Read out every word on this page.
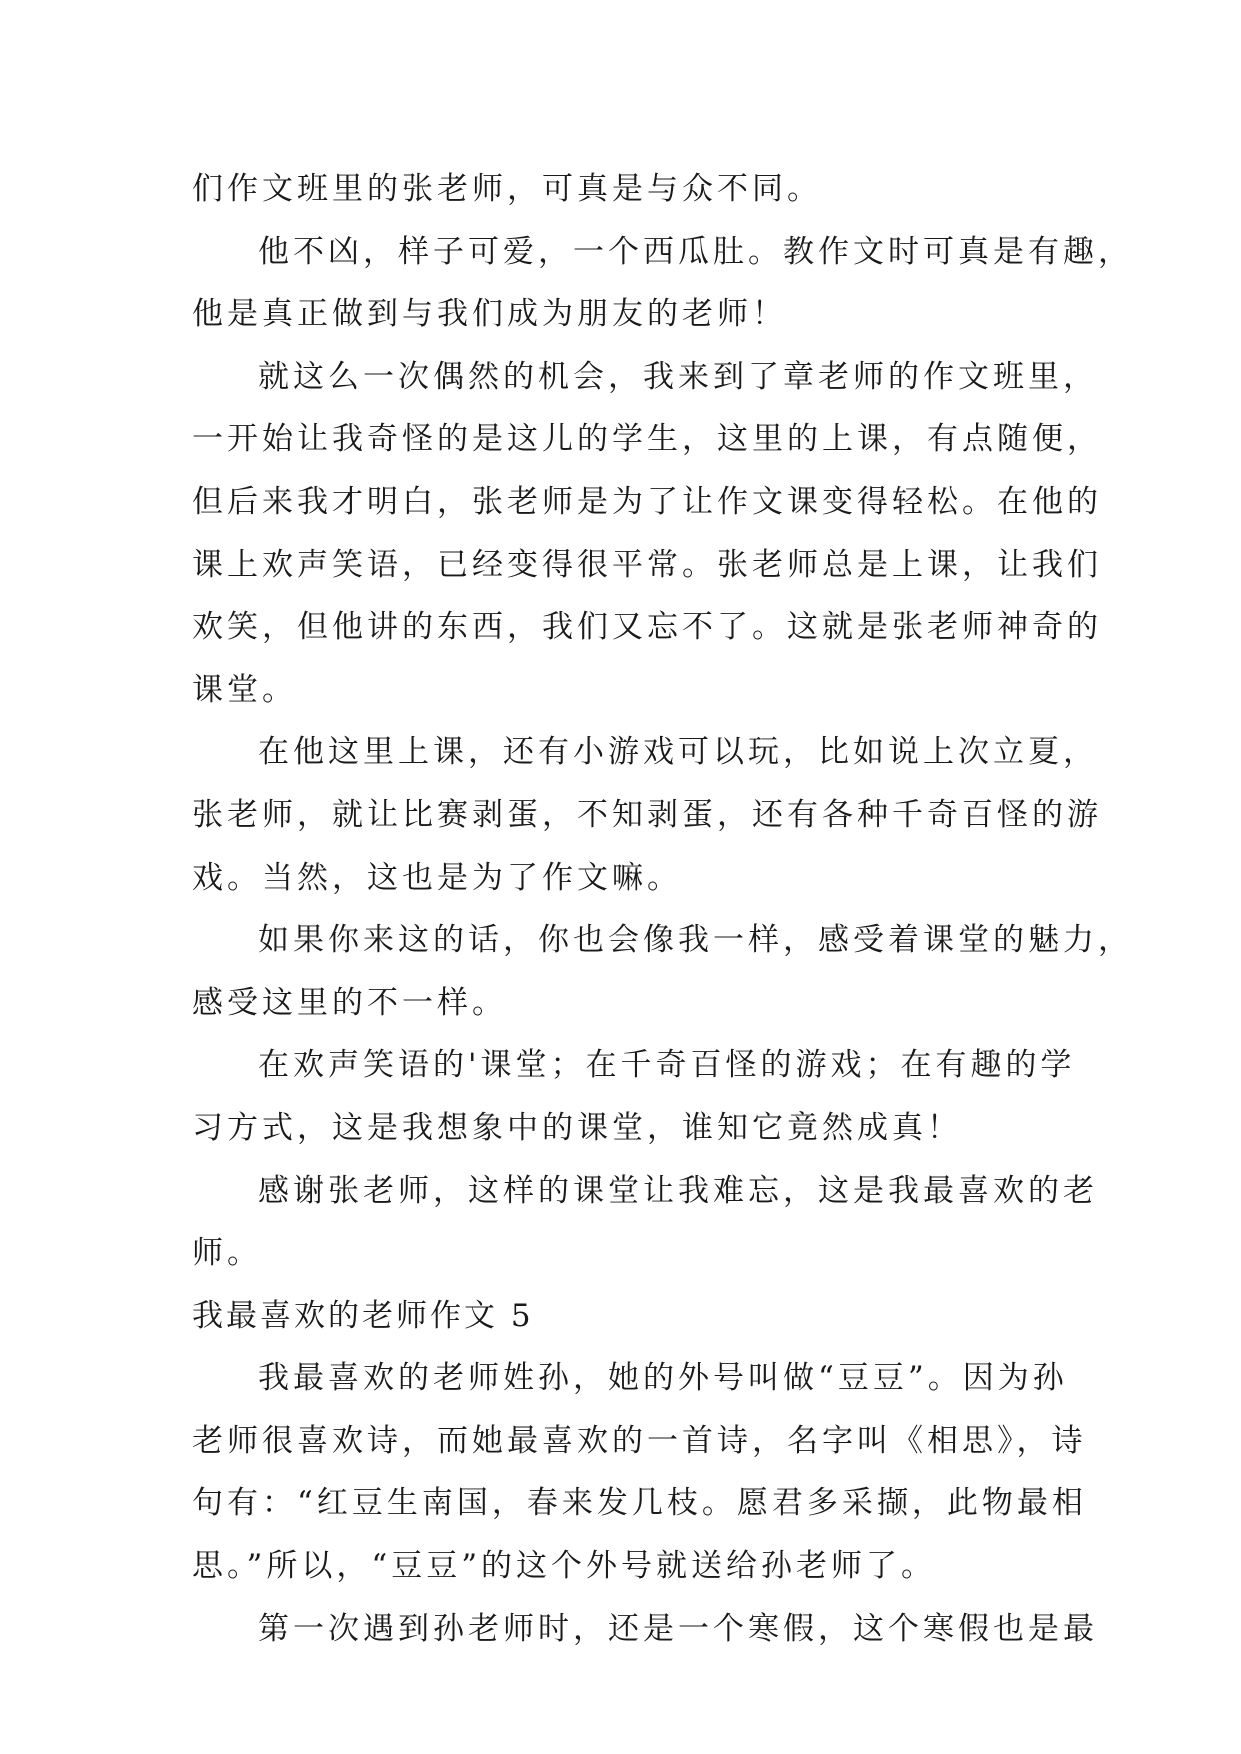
们作文班里的张老师，可真是与众不同。
他不凶，样子可爱，一个西瓜肚。教作文时可真是有趣，
他是真正做到与我们成为朋友的老师！
就这么一次偶然的机会，我来到了章老师的作文班里，
一开始让我奇怪的是这儿的学生，这里的上课，有点随便，
但后来我才明白，张老师是为了让作文课变得轻松。在他的
课上欢声笑语，已经变得很平常。张老师总是上课，让我们
欢笑，但他讲的东西，我们又忘不了。这就是张老师神奇的
课堂。
在他这里上课，还有小游戏可以玩，比如说上次立夏，
张老师，就让比赛剥蛋，不知剥蛋，还有各种千奇百怪的游
戏。当然，这也是为了作文嘛。
如果你来这的话，你也会像我一样，感受着课堂的魅力，
感受这里的不一样。
在欢声笑语的'课堂；在千奇百怪的游戏；在有趣的学
习方式，这是我想象中的课堂，谁知它竟然成真！
感谢张老师，这样的课堂让我难忘，这是我最喜欢的老
师。
我最喜欢的老师作文 5
我最喜欢的老师姓孙，她的外号叫做“豆豆”。因为孙
老师很喜欢诗，而她最喜欢的一首诗，名字叫《相思》，诗
句有：“红豆生南国，春来发几枝。愿君多采撷，此物最相
思。”所以，“豆豆”的这个外号就送给孙老师了。
第一次遇到孙老师时，还是一个寒假，这个寒假也是最
